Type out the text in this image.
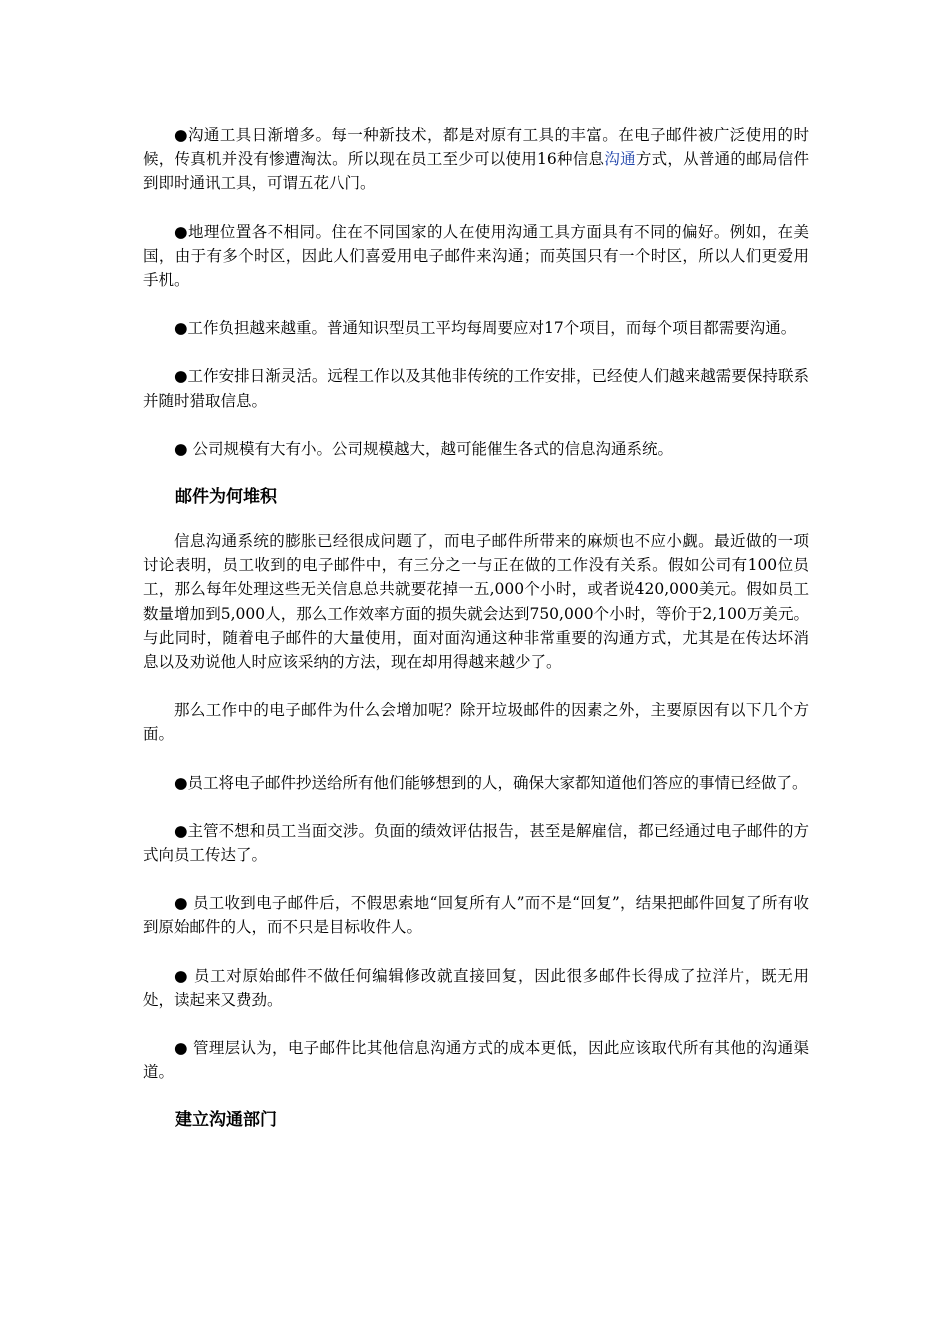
●沟通工具日渐增多。每一种新技术，都是对原有工具的丰富。在电子邮件被广泛使用的时候，传真机并没有惨遭淘汰。所以现在员工至少可以使用16种信息沟通方式，从普通的邮局信件到即时通讯工具，可谓五花八门。

●地理位置各不相同。住在不同国家的人在使用沟通工具方面具有不同的偏好。例如，在美国，由于有多个时区，因此人们喜爱用电子邮件来沟通；而英国只有一个时区，所以人们更爱用手机。

●工作负担越来越重。普通知识型员工平均每周要应对17个项目，而每个项目都需要沟通。

●工作安排日渐灵活。远程工作以及其他非传统的工作安排，已经使人们越来越需要保持联系并随时猎取信息。

● 公司规模有大有小。公司规模越大，越可能催生各式的信息沟通系统。

邮件为何堆积

信息沟通系统的膨胀已经很成问题了，而电子邮件所带来的麻烦也不应小觑。最近做的一项讨论表明，员工收到的电子邮件中，有三分之一与正在做的工作没有关系。假如公司有100位员工，那么每年处理这些无关信息总共就要花掉一五,000个小时，或者说420,000美元。假如员工数量增加到5,000人，那么工作效率方面的损失就会达到750,000个小时，等价于2,100万美元。与此同时，随着电子邮件的大量使用，面对面沟通这种非常重要的沟通方式，尤其是在传达坏消息以及劝说他人时应该采纳的方法，现在却用得越来越少了。

那么工作中的电子邮件为什么会增加呢？除开垃圾邮件的因素之外，主要原因有以下几个方面。

●员工将电子邮件抄送给所有他们能够想到的人，确保大家都知道他们答应的事情已经做了。

●主管不想和员工当面交涉。负面的绩效评估报告，甚至是解雇信，都已经通过电子邮件的方式向员工传达了。

● 员工收到电子邮件后，不假思索地“回复所有人”而不是“回复”，结果把邮件回复了所有收到原始邮件的人，而不只是目标收件人。

● 员工对原始邮件不做任何编辑修改就直接回复，因此很多邮件长得成了拉洋片，既无用处，读起来又费劲。

● 管理层认为，电子邮件比其他信息沟通方式的成本更低，因此应该取代所有其他的沟通渠道。

建立沟通部门
